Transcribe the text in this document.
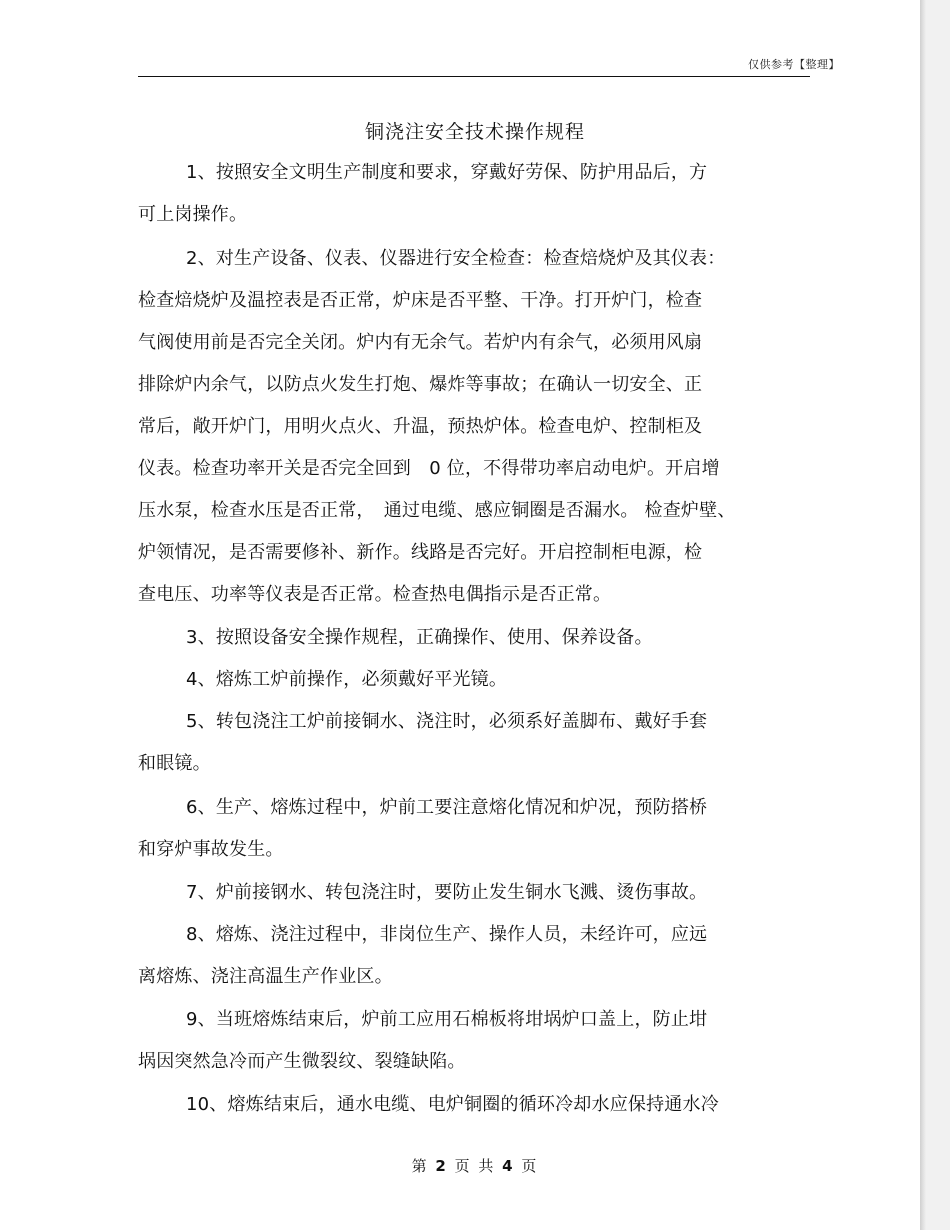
仅供参考【整理】
铜浇注安全技术操作规程
1、按照安全文明生产制度和要求，穿戴好劳保、防护用品后，方
可上岗操作。
2、对生产设备、仪表、仪器进行安全检查：检查焙烧炉及其仪表：
检查焙烧炉及温控表是否正常，炉床是否平整、干净。打开炉门，检查
气阀使用前是否完全关闭。炉内有无余气。若炉内有余气，必须用风扇
排除炉内余气，以防点火发生打炮、爆炸等事故；在确认一切安全、正
常后，敞开炉门，用明火点火、升温，预热炉体。检查电炉、控制柜及
仪表。检查功率开关是否完全回到　0 位，不得带功率启动电炉。开启增
压水泵，检查水压是否正常，　通过电缆、感应铜圈是否漏水。 检查炉壁、
炉领情况，是否需要修补、新作。线路是否完好。开启控制柜电源，检
查电压、功率等仪表是否正常。检查热电偶指示是否正常。
3、按照设备安全操作规程，正确操作、使用、保养设备。
4、熔炼工炉前操作，必须戴好平光镜。
5、转包浇注工炉前接铜水、浇注时，必须系好盖脚布、戴好手套
和眼镜。
6、生产、熔炼过程中，炉前工要注意熔化情况和炉况，预防搭桥
和穿炉事故发生。
7、炉前接钢水、转包浇注时，要防止发生铜水飞溅、烫伤事故。
8、熔炼、浇注过程中，非岗位生产、操作人员，未经许可，应远
离熔炼、浇注高温生产作业区。
9、当班熔炼结束后，炉前工应用石棉板将坩埚炉口盖上，防止坩
埚因突然急冷而产生微裂纹、裂缝缺陷。
10、熔炼结束后，通水电缆、电炉铜圈的循环冷却水应保持通水冷
第 2 页 共 4 页
